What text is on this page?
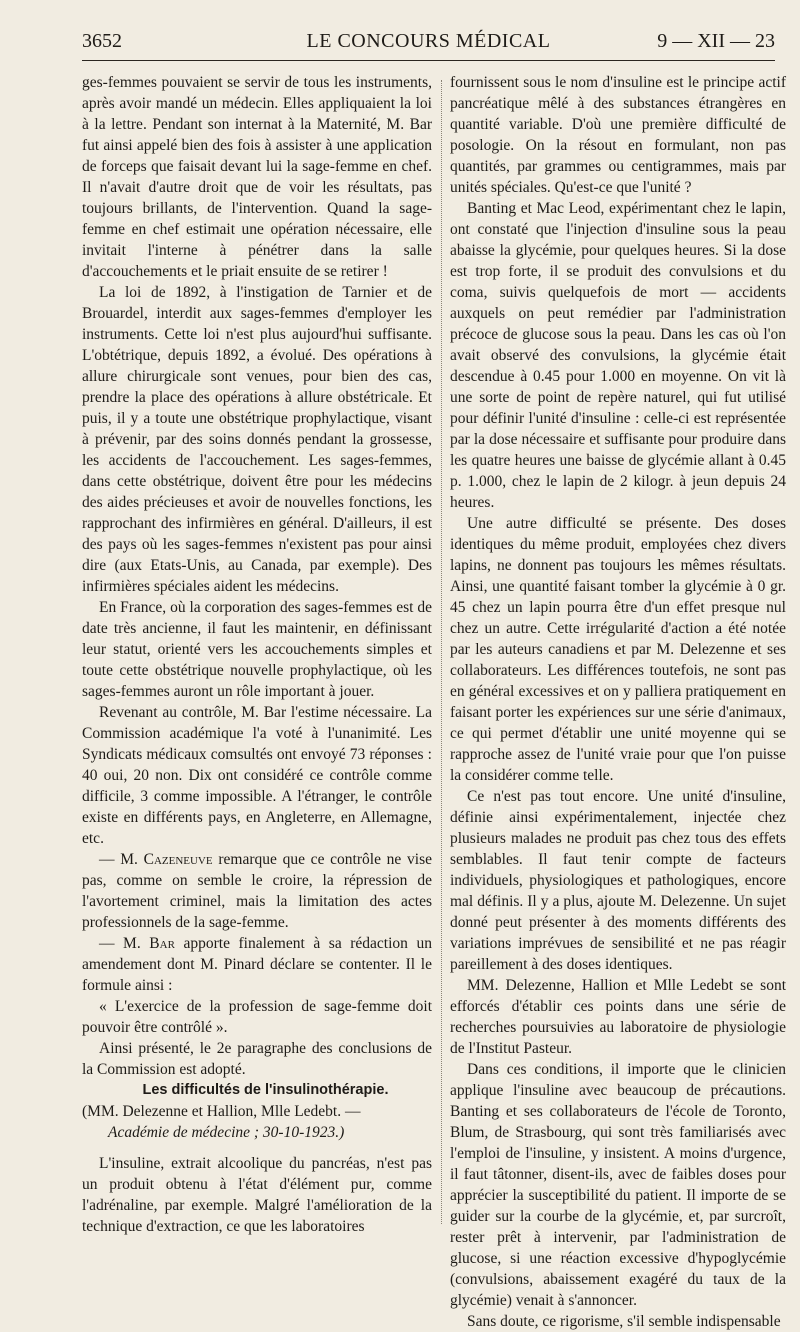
3652	LE CONCOURS MÉDICAL	9 — XII — 23

ges-femmes pouvaient se servir de tous les instruments, après avoir mandé un médecin. Elles appliquaient la loi à la lettre. Pendant son internat à la Maternité, M. Bar fut ainsi appelé bien des fois à assister à une application de forceps que faisait devant lui la sage-femme en chef. Il n'avait d'autre droit que de voir les résultats, pas toujours brillants, de l'intervention. Quand la sage-femme en chef estimait une opération nécessaire, elle invitait l'interne à pénétrer dans la salle d'accouchements et le priait ensuite de se retirer !

La loi de 1892, à l'instigation de Tarnier et de Brouardel, interdit aux sages-femmes d'employer les instruments. Cette loi n'est plus aujourd'hui suffisante. L'obtétrique, depuis 1892, a évolué. Des opérations à allure chirurgicale sont venues, pour bien des cas, prendre la place des opérations à allure obstétricale. Et puis, il y a toute une obstétrique prophylactique, visant à prévenir, par des soins donnés pendant la grossesse, les accidents de l'accouchement. Les sages-femmes, dans cette obstétrique, doivent être pour les médecins des aides précieuses et avoir de nouvelles fonctions, les rapprochant des infirmières en général. D'ailleurs, il est des pays où les sages-femmes n'existent pas pour ainsi dire (aux Etats-Unis, au Canada, par exemple). Des infirmières spéciales aident les médecins.

En France, où la corporation des sages-femmes est de date très ancienne, il faut les maintenir, en définissant leur statut, orienté vers les accouchements simples et toute cette obstétrique nouvelle prophylactique, où les sages-femmes auront un rôle important à jouer.

Revenant au contrôle, M. Bar l'estime nécessaire. La Commission académique l'a voté à l'unanimité. Les Syndicats médicaux comsultés ont envoyé 73 réponses : 40 oui, 20 non. Dix ont considéré ce contrôle comme difficile, 3 comme impossible. A l'étranger, le contrôle existe en différents pays, en Angleterre, en Allemagne, etc.

— M. Cazeneuve remarque que ce contrôle ne vise pas, comme on semble le croire, la répression de l'avortement criminel, mais la limitation des actes professionnels de la sage-femme.

— M. Bar apporte finalement à sa rédaction un amendement dont M. Pinard déclare se contenter. Il le formule ainsi :

« L'exercice de la profession de sage-femme doit pouvoir être contrôlé ».

Ainsi présenté, le 2e paragraphe des conclusions de la Commission est adopté.

Les difficultés de l'insulinothérapie.

(MM. Delezenne et Hallion, Mlle Ledebt. —
Académie de médecine ; 30-10-1923.)

L'insuline, extrait alcoolique du pancréas, n'est pas un produit obtenu à l'état d'élément pur, comme l'adrénaline, par exemple. Malgré l'amélioration de la technique d'extraction, ce que les laboratoires

fournissent sous le nom d'insuline est le principe actif pancréatique mêlé à des substances étrangères en quantité variable. D'où une première difficulté de posologie. On la résout en formulant, non pas quantités, par grammes ou centigrammes, mais par unités spéciales. Qu'est-ce que l'unité ?

Banting et Mac Leod, expérimentant chez le lapin, ont constaté que l'injection d'insuline sous la peau abaisse la glycémie, pour quelques heures. Si la dose est trop forte, il se produit des convulsions et du coma, suivis quelquefois de mort — accidents auxquels on peut remédier par l'administration précoce de glucose sous la peau. Dans les cas où l'on avait observé des convulsions, la glycémie était descendue à 0.45 pour 1.000 en moyenne. On vit là une sorte de point de repère naturel, qui fut utilisé pour définir l'unité d'insuline : celle-ci est représentée par la dose nécessaire et suffisante pour produire dans les quatre heures une baisse de glycémie allant à 0.45 p. 1.000, chez le lapin de 2 kilogr. à jeun depuis 24 heures.

Une autre difficulté se présente. Des doses identiques du même produit, employées chez divers lapins, ne donnent pas toujours les mêmes résultats. Ainsi, une quantité faisant tomber la glycémie à 0 gr. 45 chez un lapin pourra être d'un effet presque nul chez un autre. Cette irrégularité d'action a été notée par les auteurs canadiens et par M. Delezenne et ses collaborateurs. Les différences toutefois, ne sont pas en général excessives et on y palliera pratiquement en faisant porter les expériences sur une série d'animaux, ce qui permet d'établir une unité moyenne qui se rapproche assez de l'unité vraie pour que l'on puisse la considérer comme telle.

Ce n'est pas tout encore. Une unité d'insuline, définie ainsi expérimentalement, injectée chez plusieurs malades ne produit pas chez tous des effets semblables. Il faut tenir compte de facteurs individuels, physiologiques et pathologiques, encore mal définis. Il y a plus, ajoute M. Delezenne. Un sujet donné peut présenter à des moments différents des variations imprévues de sensibilité et ne pas réagir pareillement à des doses identiques.

MM. Delezenne, Hallion et Mlle Ledebt se sont efforcés d'établir ces points dans une série de recherches poursuivies au laboratoire de physiologie de l'Institut Pasteur.

Dans ces conditions, il importe que le clinicien applique l'insuline avec beaucoup de précautions. Banting et ses collaborateurs de l'école de Toronto, Blum, de Strasbourg, qui sont très familiarisés avec l'emploi de l'insuline, y insistent. A moins d'urgence, il faut tâtonner, disent-ils, avec de faibles doses pour apprécier la susceptibilité du patient. Il importe de se guider sur la courbe de la glycémie, et, par surcroît, rester prêt à intervenir, par l'administration de glucose, si une réaction excessive d'hypoglycémie (convulsions, abaissement exagéré du taux de la glycémie) venait à s'annoncer.

Sans doute, ce rigorisme, s'il semble indispensable
